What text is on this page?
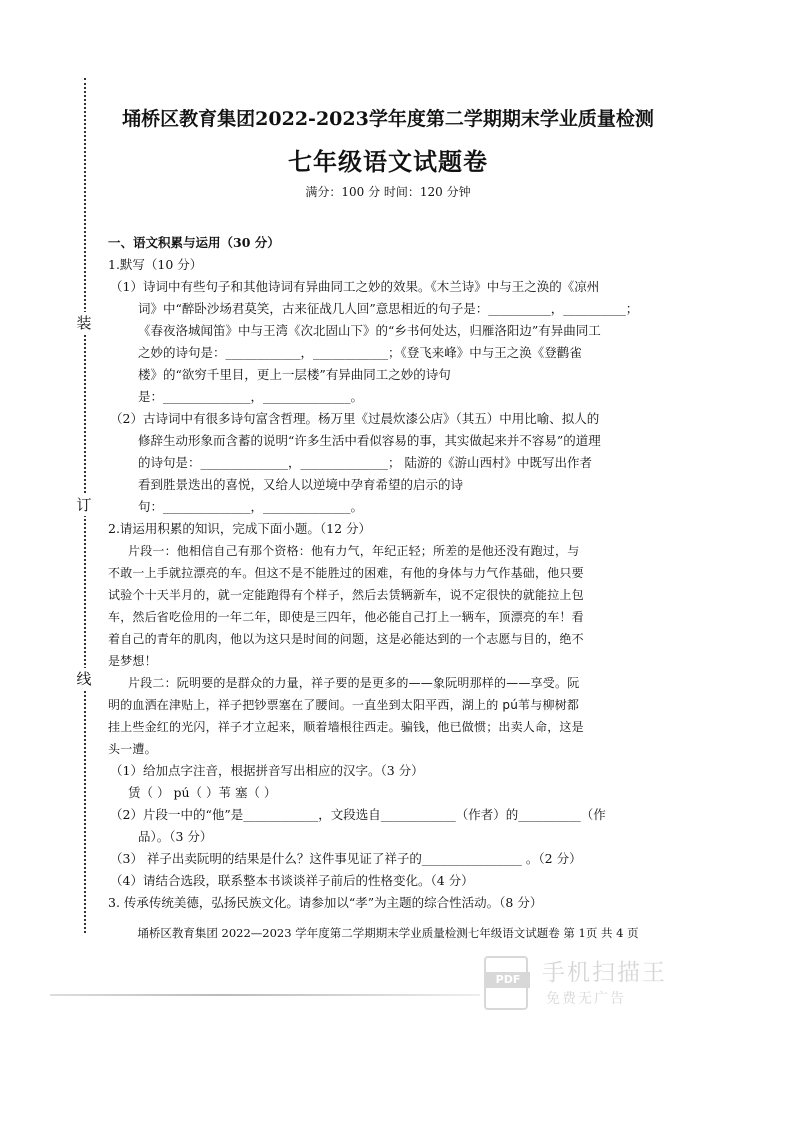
装
订
线
埇桥区教育集团2022-2023学年度第二学期期末学业质量检测
七年级语文试题卷
满分：100 分 时间：120 分钟
一、语文积累与运用（30 分）
1.默写（10 分）
（1）诗词中有些句子和其他诗词有异曲同工之妙的效果。《木兰诗》中与王之涣的《凉州
词》中“醉卧沙场君莫笑，古来征战几人回”意思相近的句子是：__________，__________；
《春夜洛城闻笛》中与王湾《次北固山下》的“乡书何处达，归雁洛阳边”有异曲同工
之妙的诗句是：____________，____________；《登飞来峰》中与王之涣《登鹳雀
楼》的“欲穷千里目，更上一层楼”有异曲同工之妙的诗句
是：______________，______________。
（2）古诗词中有很多诗句富含哲理。杨万里《过晨炊漆公店》（其五）中用比喻、拟人的
修辞生动形象而含蓄的说明“许多生活中看似容易的事，其实做起来并不容易”的道理
的诗句是：______________，______________； 陆游的《游山西村》中既写出作者
看到胜景迭出的喜悦，又给人以逆境中孕育希望的启示的诗
句：______________，______________。
2.请运用积累的知识，完成下面小题。（12 分）
片段一：他相信自己有那个资格：他有力气，年纪正轻；所差的是他还没有跑过，与
不敢一上手就拉漂亮的车。但这不是不能胜过的困难，有他的身体与力气作基础，他只要
试验个十天半月的，就一定能跑得有个样子，然后去赁辆新车，说不定很快的就能拉上包
车，然后省吃俭用的一年二年，即使是三四年，他必能自己打上一辆车，顶漂亮的车！看
着自己的青年的肌肉，他以为这只是时间的问题，这是必能达到的一个志愿与目的，绝不
是梦想！
片段二：阮明要的是群众的力量，祥子要的是更多的——象阮明那样的——享受。阮
明的血洒在津贴上，祥子把钞票塞在了腰间。一直坐到太阳平西，湖上的 pú苇与柳树都
挂上些金红的光闪，祥子才立起来，顺着墙根往西走。骗钱，他已做惯；出卖人命，这是
头一遭。
（1）给加点字注音，根据拼音写出相应的汉字。（3 分）
赁（ ） pú（ ）苇 塞（ ）
（2）片段一中的“他”是____________，文段选自____________（作者）的__________（作
品）。（3 分）
（3） 祥子出卖阮明的结果是什么？这件事见证了祥子的________________ 。（2 分）
（4）请结合选段，联系整本书谈谈祥子前后的性格变化。（4 分）
3. 传承传统美德，弘扬民族文化。请参加以“孝”为主题的综合性活动。（8 分）
埇桥区教育集团 2022—2023 学年度第二学期期末学业质量检测七年级语文试题卷 第 1页 共 4 页
PDF 手机扫描王
免费无广告
